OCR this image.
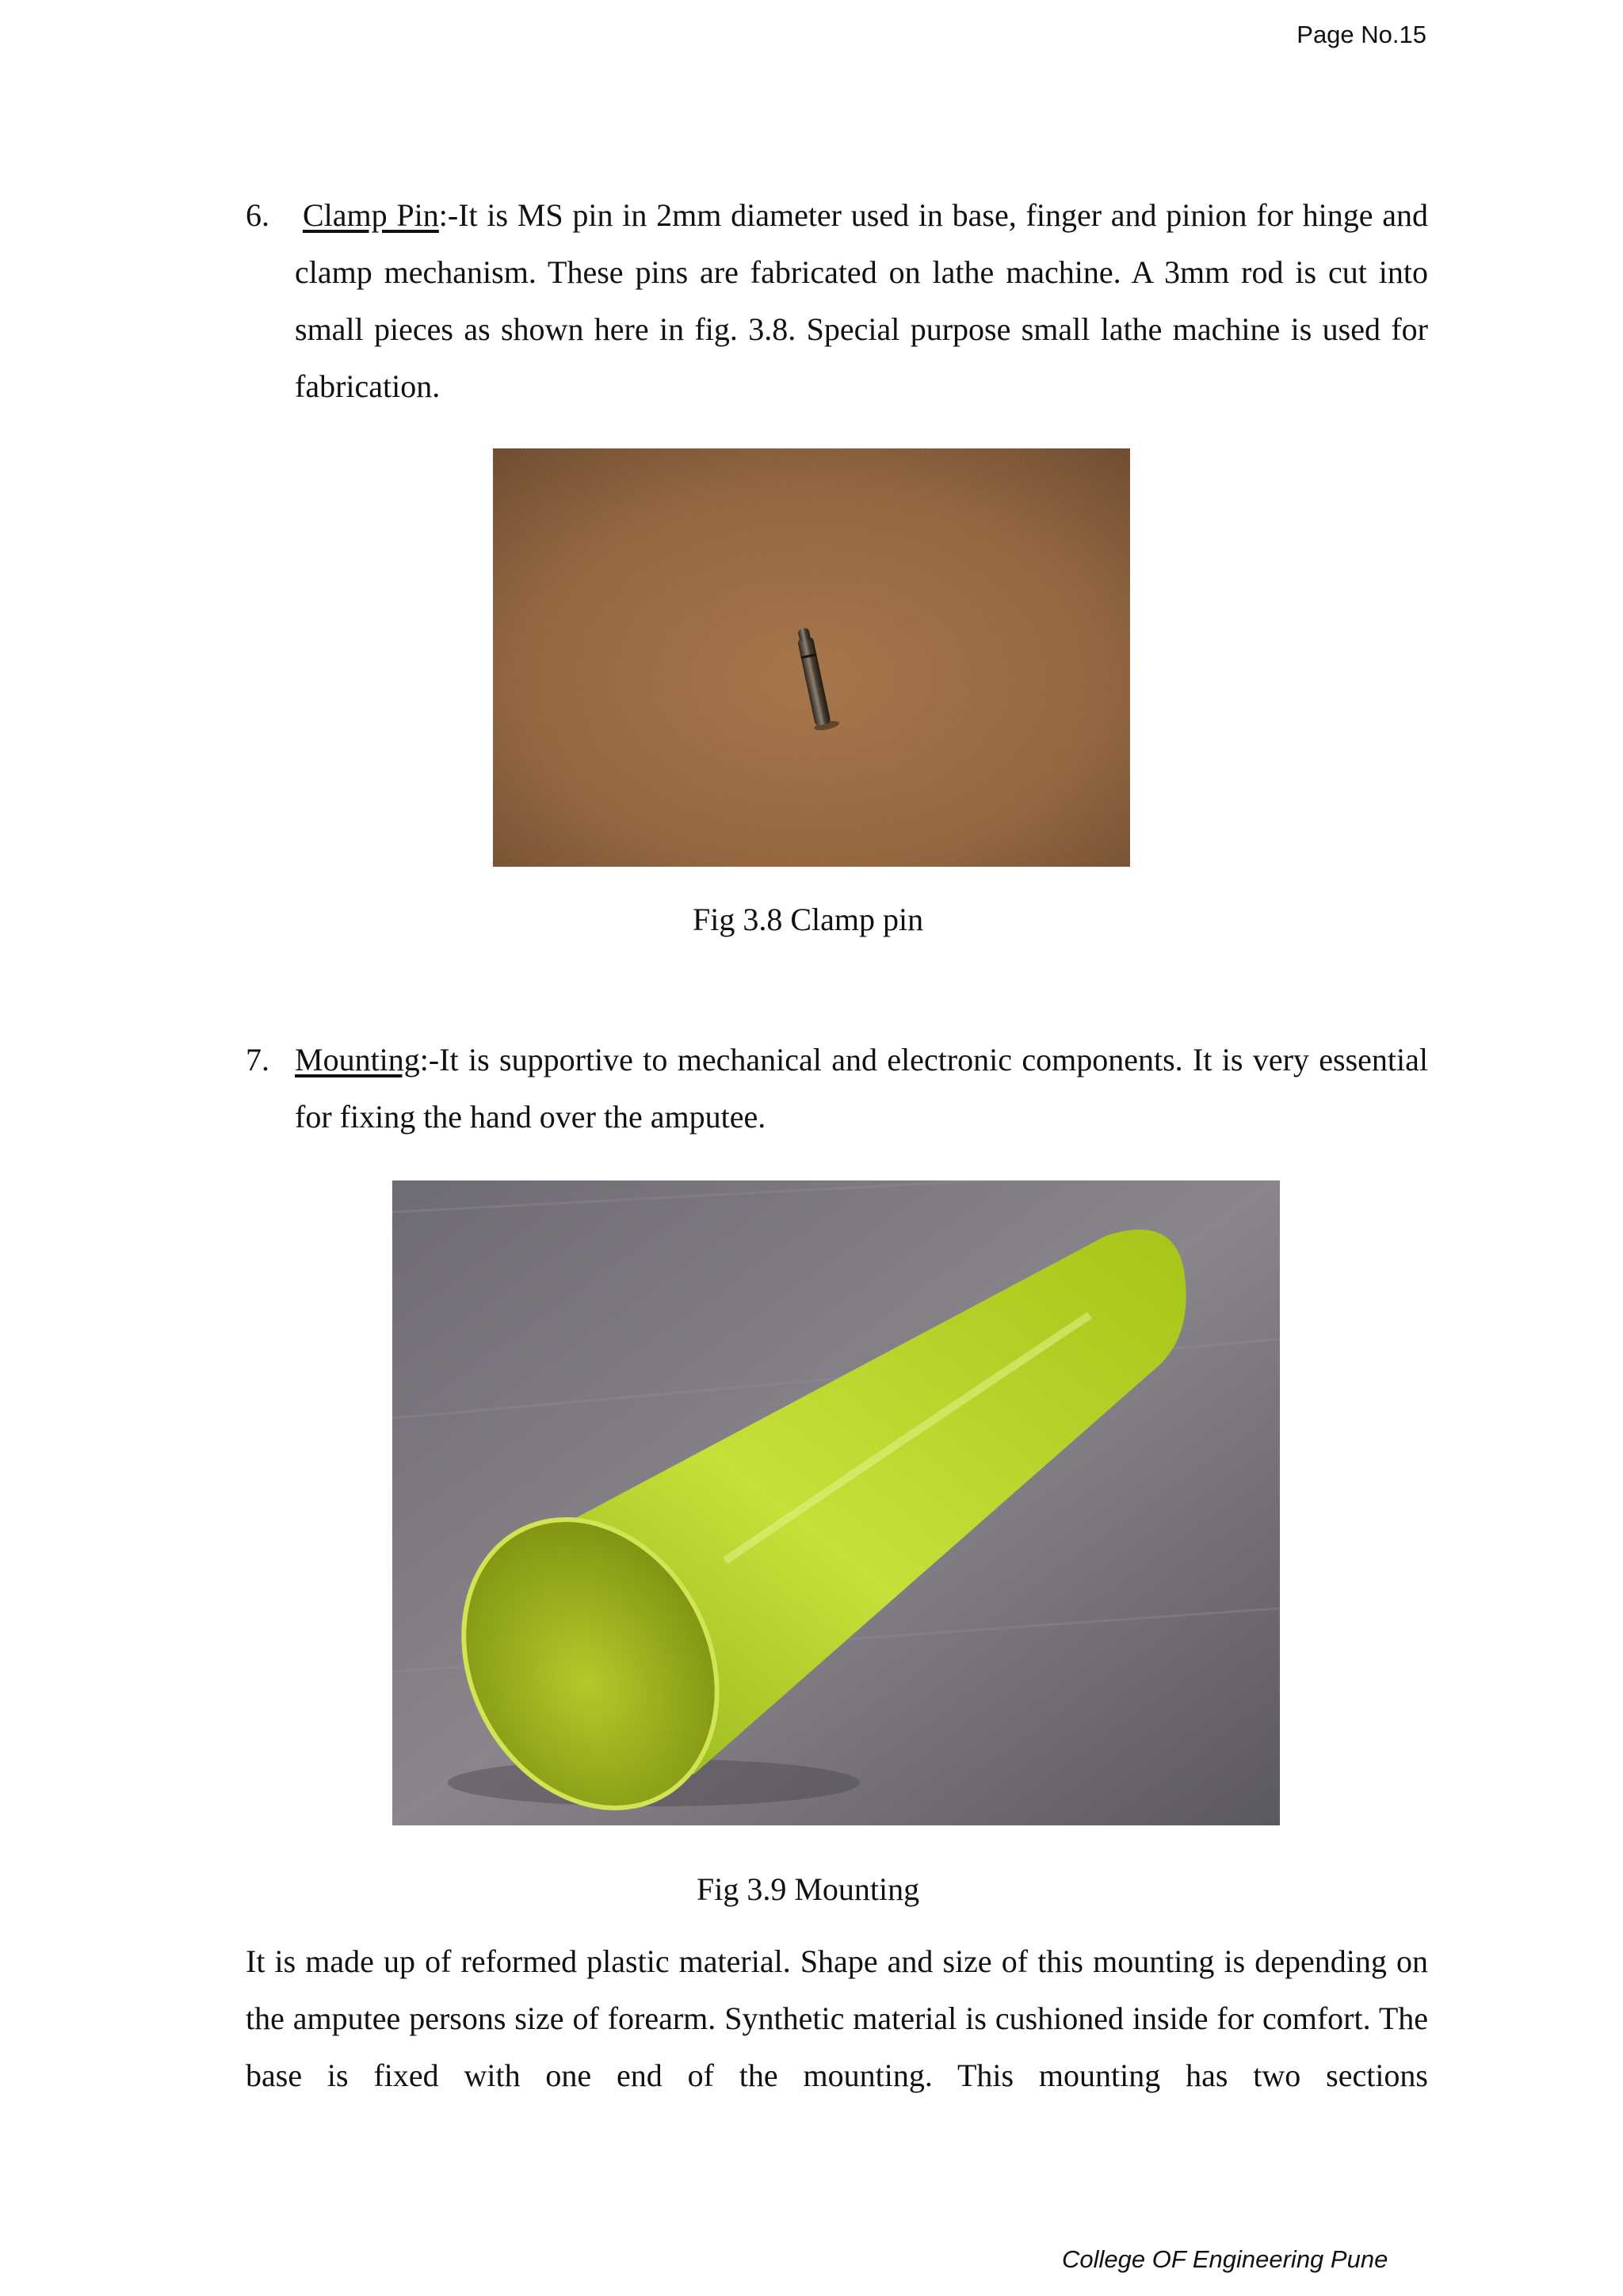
Page No.15
6. Clamp Pin:-It is MS pin in 2mm diameter used in base, finger and pinion for hinge and clamp mechanism. These pins are fabricated on lathe machine. A 3mm rod is cut into small pieces as shown here in fig. 3.8. Special purpose small lathe machine is used for fabrication.
Fig 3.8 Clamp pin
7. Mounting:-It is supportive to mechanical and electronic components. It is very essential for fixing the hand over the amputee.
Fig 3.9 Mounting
It is made up of reformed plastic material. Shape and size of this mounting is depending on the amputee persons size of forearm. Synthetic material is cushioned inside for comfort. The base is fixed with one end of the mounting. This mounting has two sections
College OF Engineering Pune
